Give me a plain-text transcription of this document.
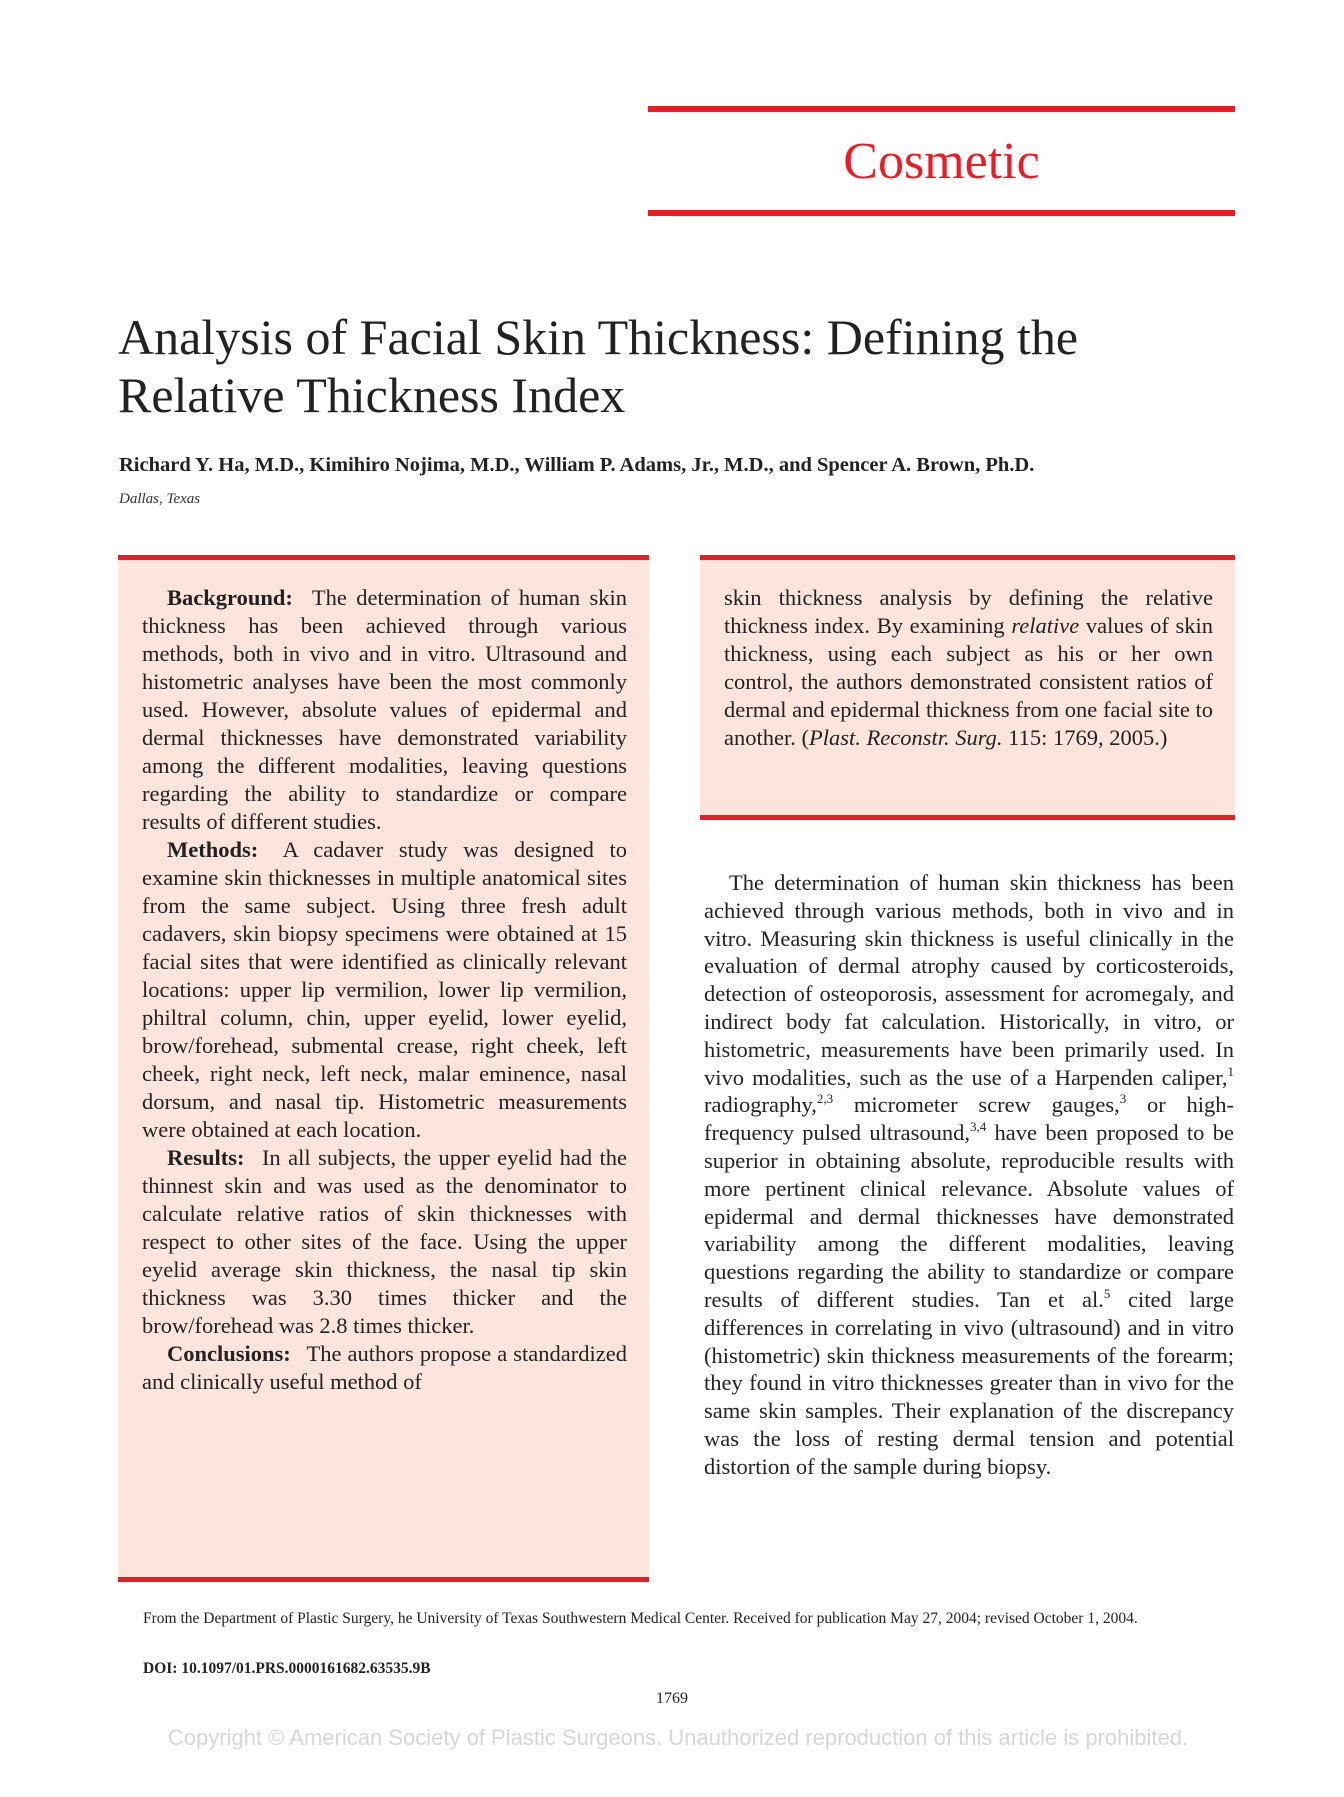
Cosmetic
Analysis of Facial Skin Thickness: Defining the Relative Thickness Index
Richard Y. Ha, M.D., Kimihiro Nojima, M.D., William P. Adams, Jr., M.D., and Spencer A. Brown, Ph.D.
Dallas, Texas

Background: The determination of human skin thickness has been achieved through various methods, both in vivo and in vitro. Ultrasound and histometric analyses have been the most commonly used. However, absolute values of epidermal and dermal thicknesses have demonstrated variability among the different modalities, leaving questions regarding the ability to standardize or compare results of different studies.

Methods: A cadaver study was designed to examine skin thicknesses in multiple anatomical sites from the same subject. Using three fresh adult cadavers, skin biopsy specimens were obtained at 15 facial sites that were identified as clinically relevant locations: upper lip vermilion, lower lip vermilion, philtral column, chin, upper eyelid, lower eyelid, brow/forehead, submental crease, right cheek, left cheek, right neck, left neck, malar eminence, nasal dorsum, and nasal tip. Histometric measurements were obtained at each location.

Results: In all subjects, the upper eyelid had the thinnest skin and was used as the denominator to calculate relative ratios of skin thicknesses with respect to other sites of the face. Using the upper eyelid average skin thickness, the nasal tip skin thickness was 3.30 times thicker and the brow/forehead was 2.8 times thicker.

Conclusions: The authors propose a standardized and clinically useful method of

skin thickness analysis by defining the relative thickness index. By examining relative values of skin thickness, using each subject as his or her own control, the authors demonstrated consistent ratios of dermal and epidermal thickness from one facial site to another. (Plast. Reconstr. Surg. 115: 1769, 2005.)

The determination of human skin thickness has been achieved through various methods, both in vivo and in vitro. Measuring skin thickness is useful clinically in the evaluation of dermal atrophy caused by corticosteroids, detection of osteoporosis, assessment for acromegaly, and indirect body fat calculation. Historically, in vitro, or histometric, measurements have been primarily used. In vivo modalities, such as the use of a Harpenden caliper,$^1$ radiography,$^{2,3}$ micrometer screw gauges,$^3$ or high-frequency pulsed ultrasound,$^{3,4}$ have been proposed to be superior in obtaining absolute, reproducible results with more pertinent clinical relevance. Absolute values of epidermal and dermal thicknesses have demonstrated variability among the different modalities, leaving questions regarding the ability to standardize or compare results of different studies. Tan et al.$^5$ cited large differences in correlating in vivo (ultrasound) and in vitro (histometric) skin thickness measurements of the forearm; they found in vitro thicknesses greater than in vivo for the same skin samples. Their explanation of the discrepancy was the loss of resting dermal tension and potential distortion of the sample during biopsy.

From the Department of Plastic Surgery, he University of Texas Southwestern Medical Center. Received for publication May 27, 2004; revised October 1, 2004.
DOI: 10.1097/01.PRS.0000161682.63535.9B
1769
Copyright © American Society of Plastic Surgeons. Unauthorized reproduction of this article is prohibited.
